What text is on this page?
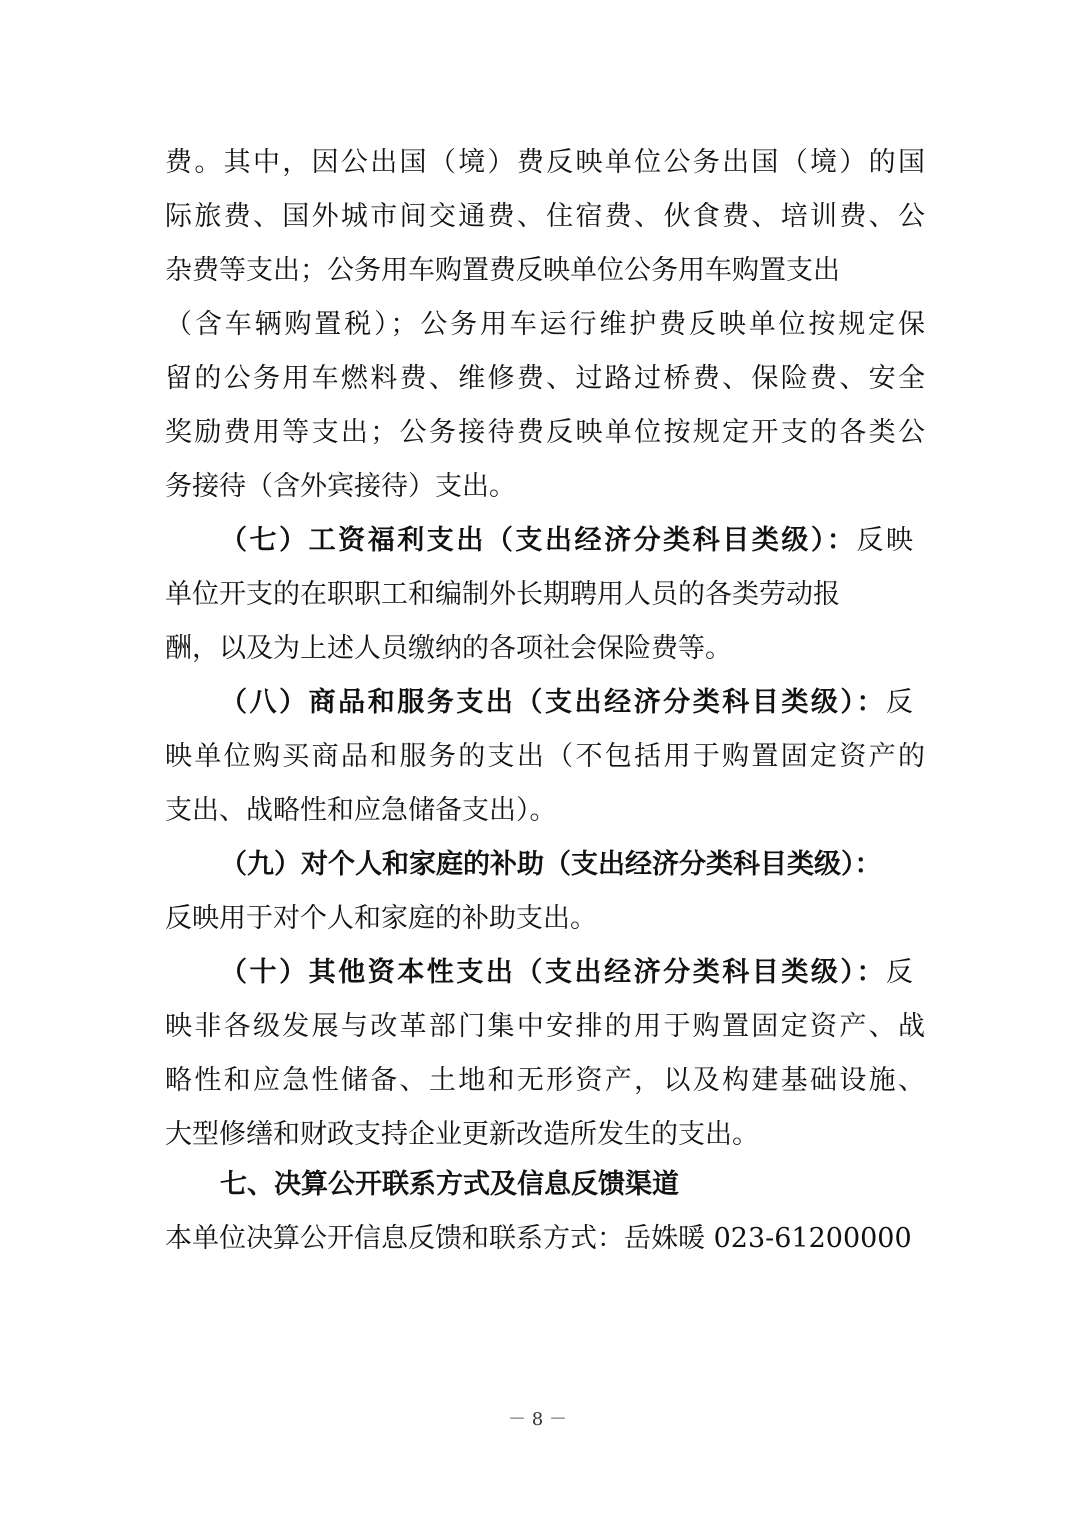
费。其中，因公出国（境）费反映单位公务出国（境）的国
际旅费、国外城市间交通费、住宿费、伙食费、培训费、公
杂费等支出；公务用车购置费反映单位公务用车购置支出
（含车辆购置税）；公务用车运行维护费反映单位按规定保
留的公务用车燃料费、维修费、过路过桥费、保险费、安全
奖励费用等支出；公务接待费反映单位按规定开支的各类公
务接待（含外宾接待）支出。
（七）工资福利支出（支出经济分类科目类级）：反映
单位开支的在职职工和编制外长期聘用人员的各类劳动报
酬，以及为上述人员缴纳的各项社会保险费等。
（八）商品和服务支出（支出经济分类科目类级）：反
映单位购买商品和服务的支出（不包括用于购置固定资产的
支出、战略性和应急储备支出）。
（九）对个人和家庭的补助（支出经济分类科目类级）：
反映用于对个人和家庭的补助支出。
（十）其他资本性支出（支出经济分类科目类级）：反
映非各级发展与改革部门集中安排的用于购置固定资产、战
略性和应急性储备、土地和无形资产，以及构建基础设施、
大型修缮和财政支持企业更新改造所发生的支出。
七、决算公开联系方式及信息反馈渠道
本单位决算公开信息反馈和联系方式：岳姝暖 023-61200000
－ 8 －
